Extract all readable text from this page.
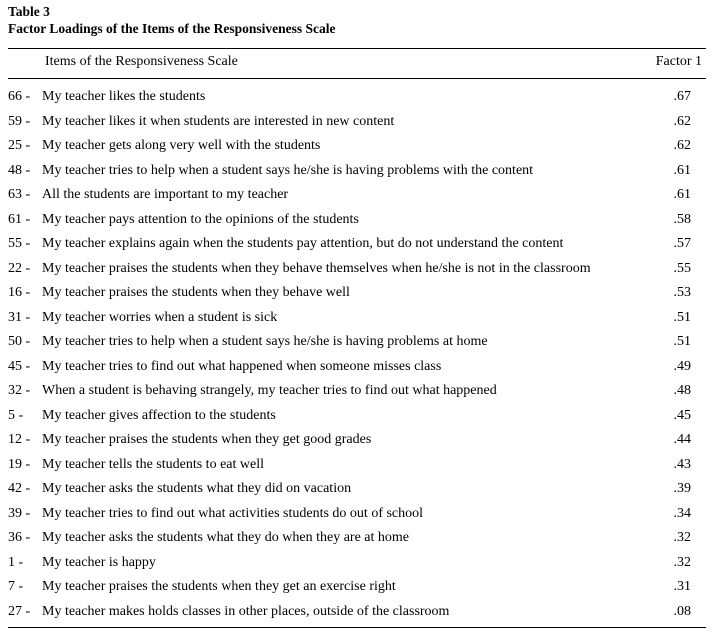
Table 3
Factor Loadings of the Items of the Responsiveness Scale
Items of the Responsiveness Scale	Factor 1
66 - My teacher likes the students	.67
59 - My teacher likes it when students are interested in new content	.62
25 - My teacher gets along very well with the students	.62
48 - My teacher tries to help when a student says he/she is having problems with the content	.61
63 - All the students are important to my teacher	.61
61 - My teacher pays attention to the opinions of the students	.58
55 - My teacher explains again when the students pay attention, but do not understand the content	.57
22 - My teacher praises the students when they behave themselves when he/she is not in the classroom	.55
16 - My teacher praises the students when they behave well	.53
31 - My teacher worries when a student is sick	.51
50 - My teacher tries to help when a student says he/she is having problems at home	.51
45 - My teacher tries to find out what happened when someone misses class	.49
32 - When a student is behaving strangely, my teacher tries to find out what happened	.48
5 - My teacher gives affection to the students	.45
12 - My teacher praises the students when they get good grades	.44
19 - My teacher tells the students to eat well	.43
42 - My teacher asks the students what they did on vacation	.39
39 - My teacher tries to find out what activities students do out of school	.34
36 - My teacher asks the students what they do when they are at home	.32
1 - My teacher is happy	.32
7 - My teacher praises the students when they get an exercise right	.31
27 - My teacher makes holds classes in other places, outside of the classroom	.08
